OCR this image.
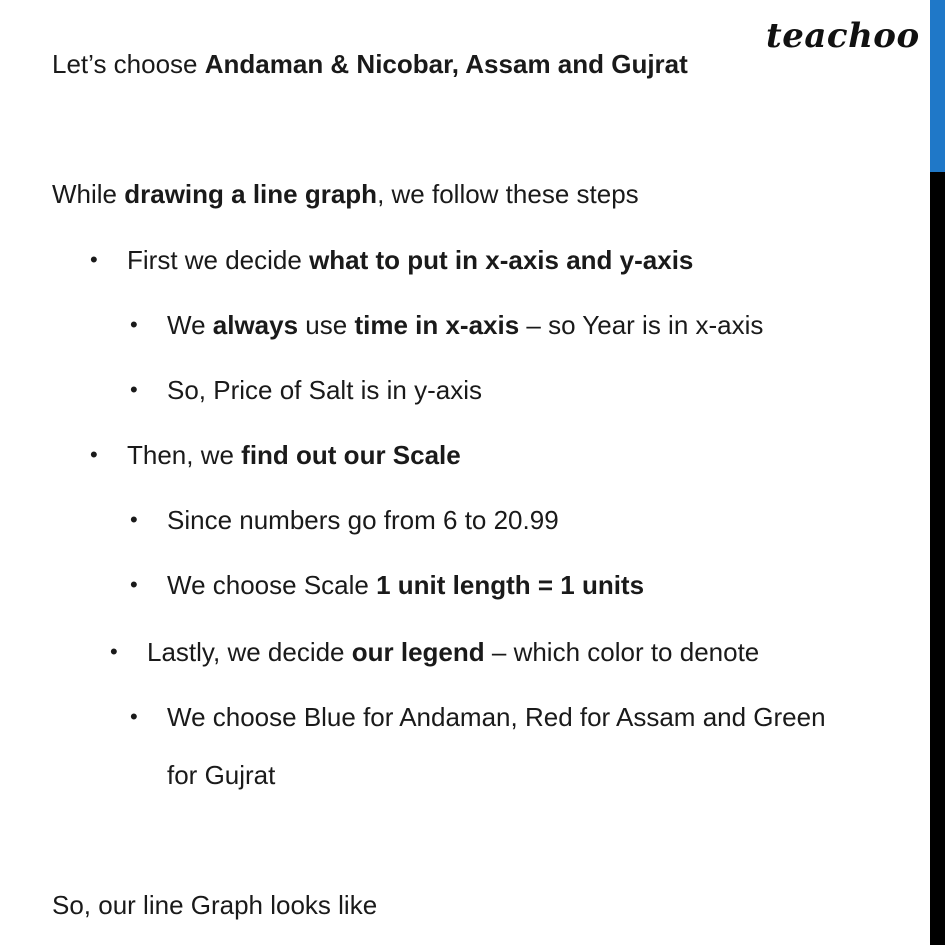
teachoo
Let’s choose Andaman & Nicobar, Assam and Gujrat
While drawing a line graph, we follow these steps
• First we decide what to put in x-axis and y-axis
• We always use time in x-axis – so Year is in x-axis
• So, Price of Salt is in y-axis
• Then, we find out our Scale
• Since numbers go from 6 to 20.99
• We choose Scale 1 unit length = 1 units
• Lastly, we decide our legend – which color to denote
• We choose Blue for Andaman, Red for Assam and Green
for Gujrat
So, our line Graph looks like
